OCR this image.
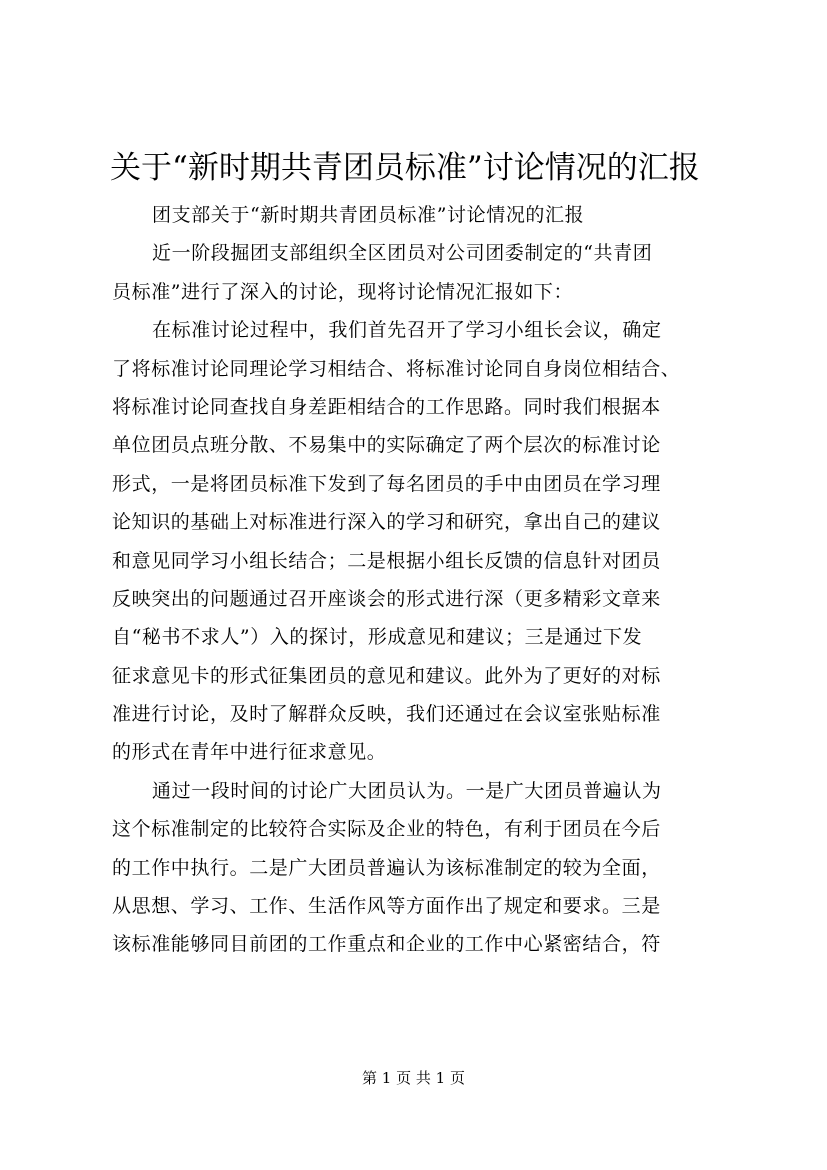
关于“新时期共青团员标准”讨论情况的汇报
团支部关于“新时期共青团员标准”讨论情况的汇报
近一阶段掘团支部组织全区团员对公司团委制定的“共青团
员标准”进行了深入的讨论，现将讨论情况汇报如下：
在标准讨论过程中，我们首先召开了学习小组长会议，确定
了将标准讨论同理论学习相结合、将标准讨论同自身岗位相结合、
将标准讨论同查找自身差距相结合的工作思路。同时我们根据本
单位团员点班分散、不易集中的实际确定了两个层次的标准讨论
形式，一是将团员标准下发到了每名团员的手中由团员在学习理
论知识的基础上对标准进行深入的学习和研究，拿出自己的建议
和意见同学习小组长结合；二是根据小组长反馈的信息针对团员
反映突出的问题通过召开座谈会的形式进行深（更多精彩文章来
自“秘书不求人”）入的探讨，形成意见和建议；三是通过下发
征求意见卡的形式征集团员的意见和建议。此外为了更好的对标
准进行讨论，及时了解群众反映，我们还通过在会议室张贴标准
的形式在青年中进行征求意见。
通过一段时间的讨论广大团员认为。一是广大团员普遍认为
这个标准制定的比较符合实际及企业的特色，有利于团员在今后
的工作中执行。二是广大团员普遍认为该标准制定的较为全面，
从思想、学习、工作、生活作风等方面作出了规定和要求。三是
该标准能够同目前团的工作重点和企业的工作中心紧密结合，符
第 1 页 共 1 页
